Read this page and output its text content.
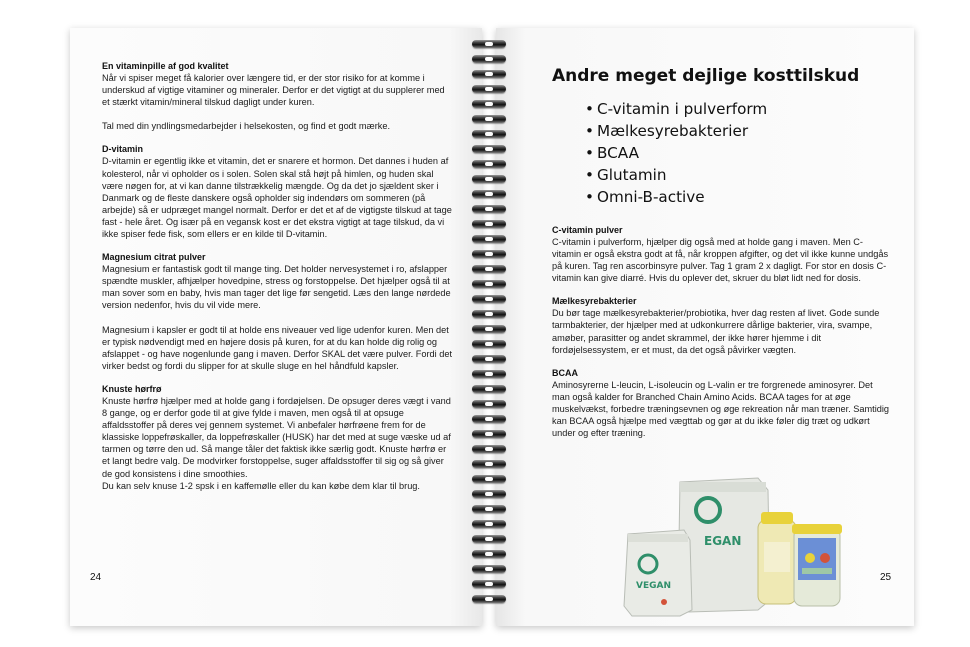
En vitaminpille af god kvalitet
Når vi spiser meget få kalorier over længere tid, er der stor risiko for at komme i underskud af vigtige vitaminer og mineraler. Derfor er det vigtigt at du supplerer med et stærkt vitamin/mineral tilskud dagligt under kuren.

Tal med din yndlingsmedarbejder i helsekosten, og find et godt mærke.
D-vitamin
D-vitamin er egentlig ikke et vitamin, det er snarere et hormon. Det dannes i huden af kolesterol, når vi opholder os i solen. Solen skal stå højt på himlen, og huden skal være nøgen for, at vi kan danne tilstrækkelig mængde. Og da det jo sjældent sker i Danmark og de fleste danskere også opholder sig indendørs om sommeren (på arbejde) så er udpræget mangel normalt. Derfor er det et af de vigtigste tilskud at tage fast - hele året. Og især på en vegansk kost er det ekstra vigtigt at tage tilskud, da vi ikke spiser fede fisk, som ellers er en kilde til D-vitamin.
Magnesium citrat pulver
Magnesium er fantastisk godt til mange ting. Det holder nervesystemet i ro, afslapper spændte muskler, afhjælper hovedpine, stress og forstoppelse. Det hjælper også til at man sover som en baby, hvis man tager det lige før sengetid. Læs den lange nørdede version nedenfor, hvis du vil vide mere.

Magnesium i kapsler er godt til at holde ens niveauer ved lige udenfor kuren. Men det er typisk nødvendigt med en højere dosis på kuren, for at du kan holde dig rolig og afslappet - og have nogenlunde gang i maven. Derfor SKAL det være pulver. Fordi det virker bedst og fordi du slipper for at skulle sluge en hel håndfuld kapsler.
Knuste hørfrø
Knuste hørfrø hjælper med at holde gang i fordøjelsen. De opsuger deres vægt i vand 8 gange, og er derfor gode til at give fylde i maven, men også til at opsuge affaldsstoffer på deres vej gennem systemet. Vi anbefaler hørfrøene frem for de klassiske loppefrøskaller, da loppefrøskaller (HUSK) har det med at suge væske ud af tarmen og tørre den ud. Så mange tåler det faktisk ikke særlig godt. Knuste hørfrø er et langt bedre valg. De modvirker forstoppelse, suger affaldsstoffer til sig og så giver de god konsistens i dine smoothies.
Du kan selv knuse 1-2 spsk i en kaffemølle eller du kan købe dem klar til brug.
24
Andre meget dejlige kosttilskud
• C-vitamin i pulverform
• Mælkesyrebakterier
• BCAA
• Glutamin
• Omni-B-active
C-vitamin pulver
C-vitamin i pulverform, hjælper dig også med at holde gang i maven. Men C-vitamin er også ekstra godt at få, når kroppen afgifter, og det vil ikke kunne undgås på kuren. Tag ren ascorbinsyre pulver. Tag 1 gram 2 x dagligt. For stor en dosis C-vitamin kan give diarré. Hvis du oplever det, skruer du bløt lidt ned for dosis.
Mælkesyrebakterier
Du bør tage mælkesyrebakterier/probiotika, hver dag resten af livet. Gode sunde tarmbakterier, der hjælper med at udkonkurrere dårlige bakterier, vira, svampe, amøber, parasitter og andet skrammel, der ikke hører hjemme i dit fordøjelsessystem, er et must, da det også påvirker vægten.
BCAA
Aminosyrerne L-leucin, L-isoleucin og L-valin er tre forgrenede aminosyrer. Det man også kalder for Branched Chain Amino Acids. BCAA tages for at øge muskelvækst, forbedre træningsevnen og øge rekreation når man træner. Samtidig kan BCAA også hjælpe med vægttab og gør at du ikke føler dig træt og udkørt under og efter træning.
25
EGAN
VEGAN
